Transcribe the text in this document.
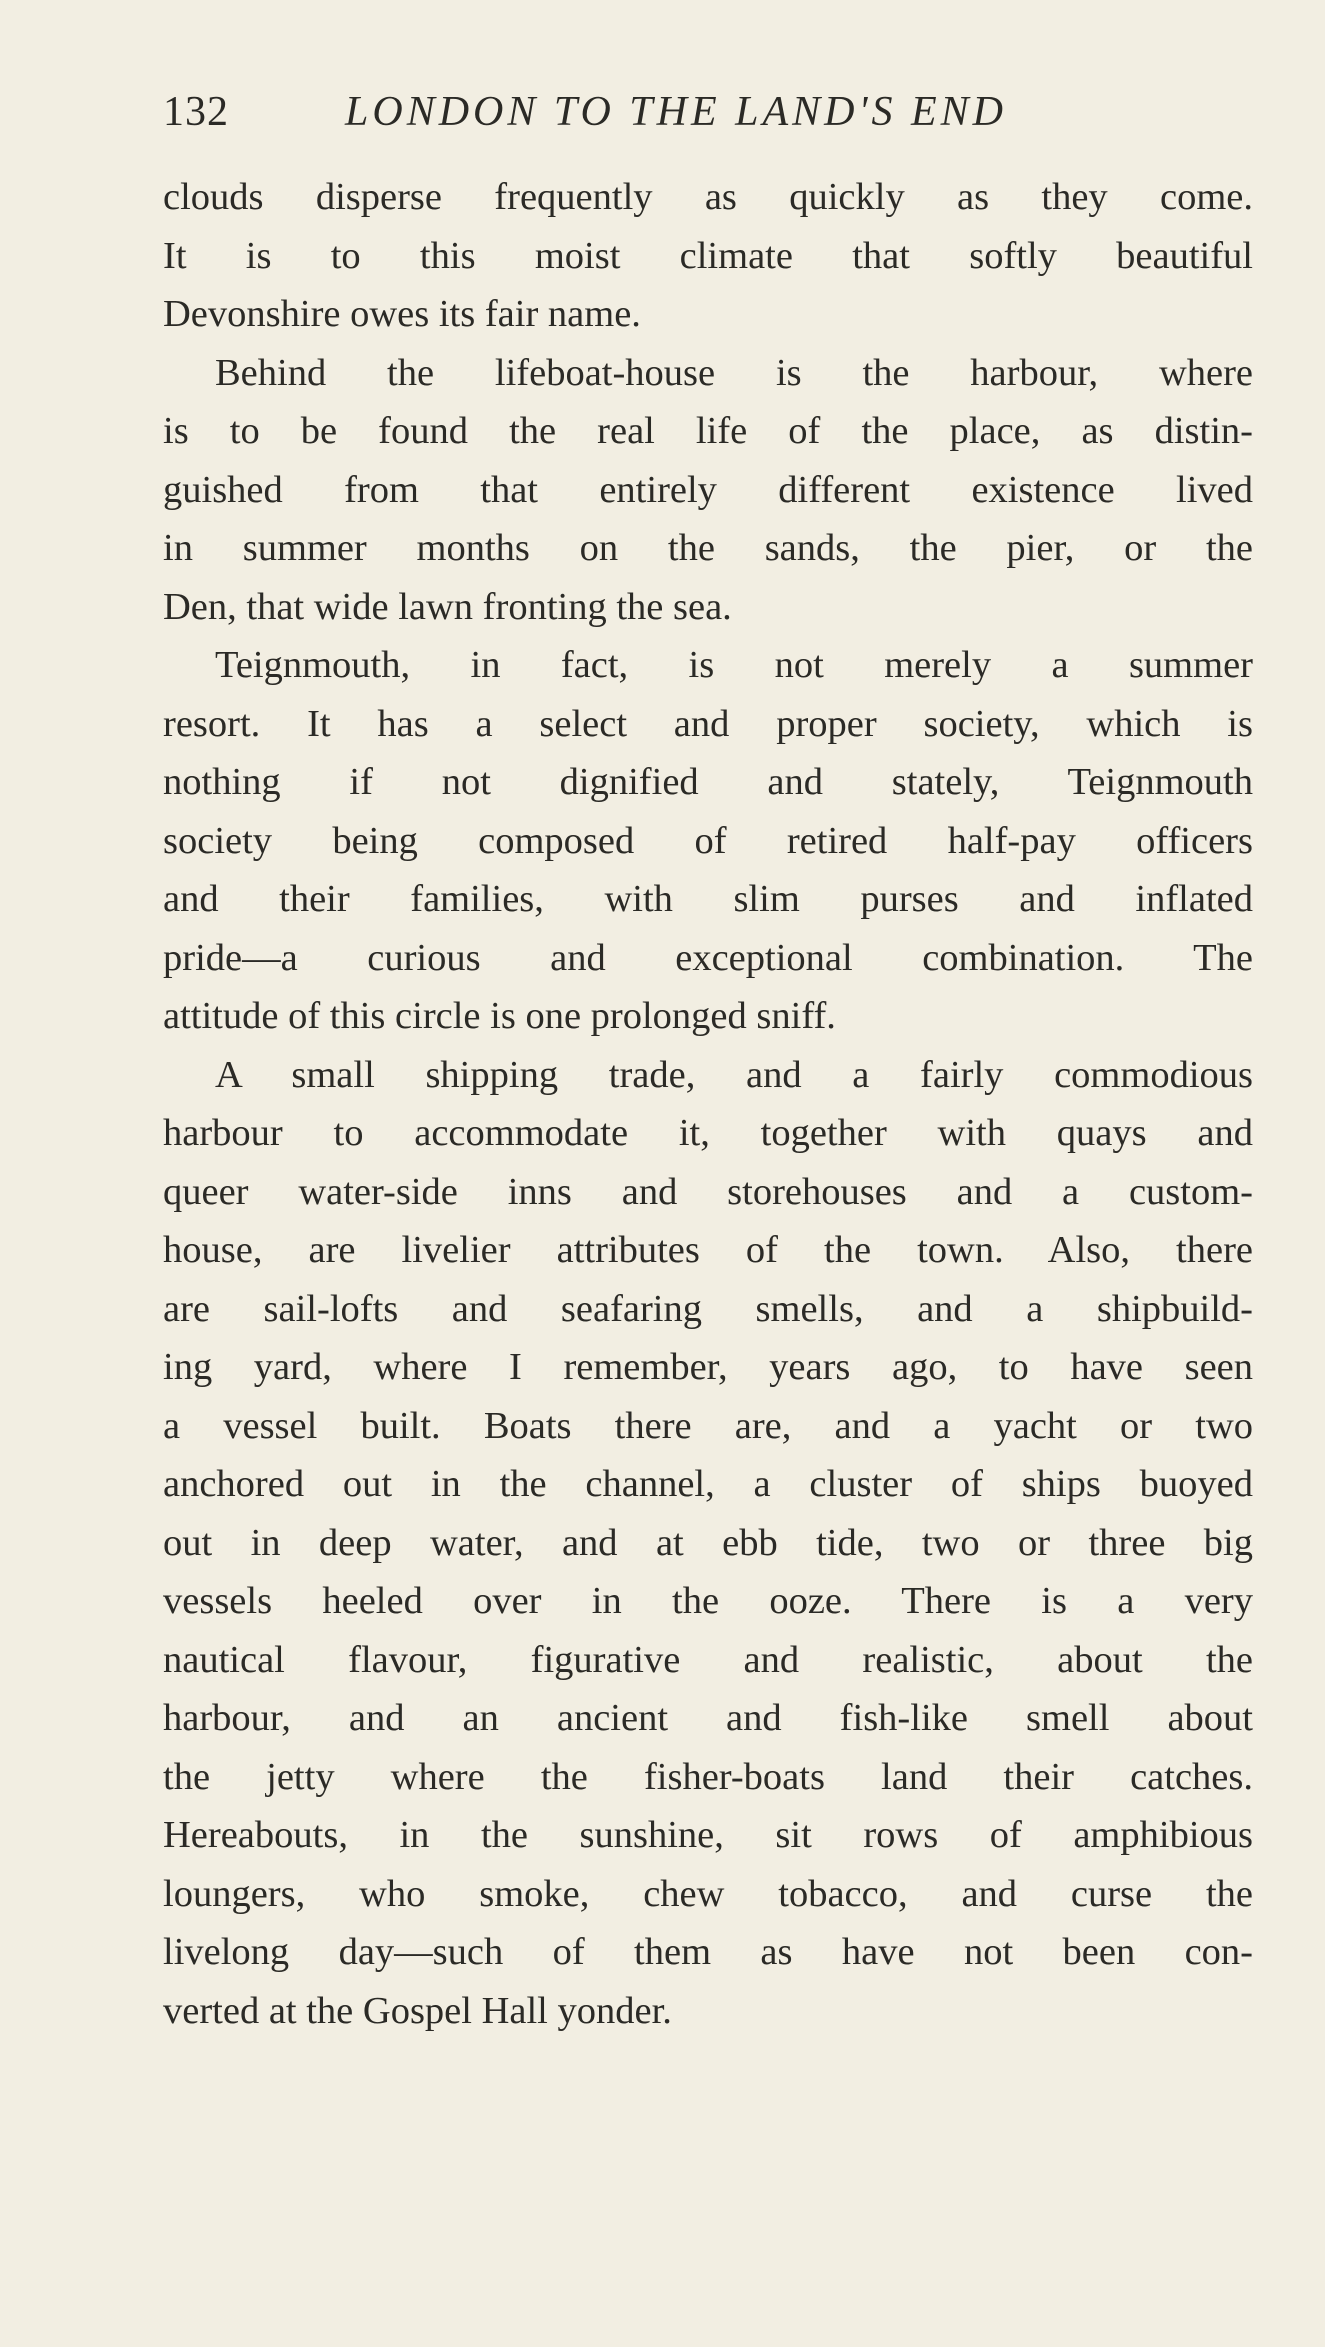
132	LONDON TO THE LAND'S END
clouds disperse frequently as quickly as they come.
It is to this moist climate that softly beautiful
Devonshire owes its fair name.
Behind the lifeboat-house is the harbour, where
is to be found the real life of the place, as distin-
guished from that entirely different existence lived
in summer months on the sands, the pier, or the
Den, that wide lawn fronting the sea.
Teignmouth, in fact, is not merely a summer
resort. It has a select and proper society, which is
nothing if not dignified and stately, Teignmouth
society being composed of retired half-pay officers
and their families, with slim purses and inflated
pride—a curious and exceptional combination. The
attitude of this circle is one prolonged sniff.
A small shipping trade, and a fairly commodious
harbour to accommodate it, together with quays and
queer water-side inns and storehouses and a custom-
house, are livelier attributes of the town. Also, there
are sail-lofts and seafaring smells, and a shipbuild-
ing yard, where I remember, years ago, to have seen
a vessel built. Boats there are, and a yacht or two
anchored out in the channel, a cluster of ships buoyed
out in deep water, and at ebb tide, two or three big
vessels heeled over in the ooze. There is a very
nautical flavour, figurative and realistic, about the
harbour, and an ancient and fish-like smell about
the jetty where the fisher-boats land their catches.
Hereabouts, in the sunshine, sit rows of amphibious
loungers, who smoke, chew tobacco, and curse the
livelong day—such of them as have not been con-
verted at the Gospel Hall yonder.
